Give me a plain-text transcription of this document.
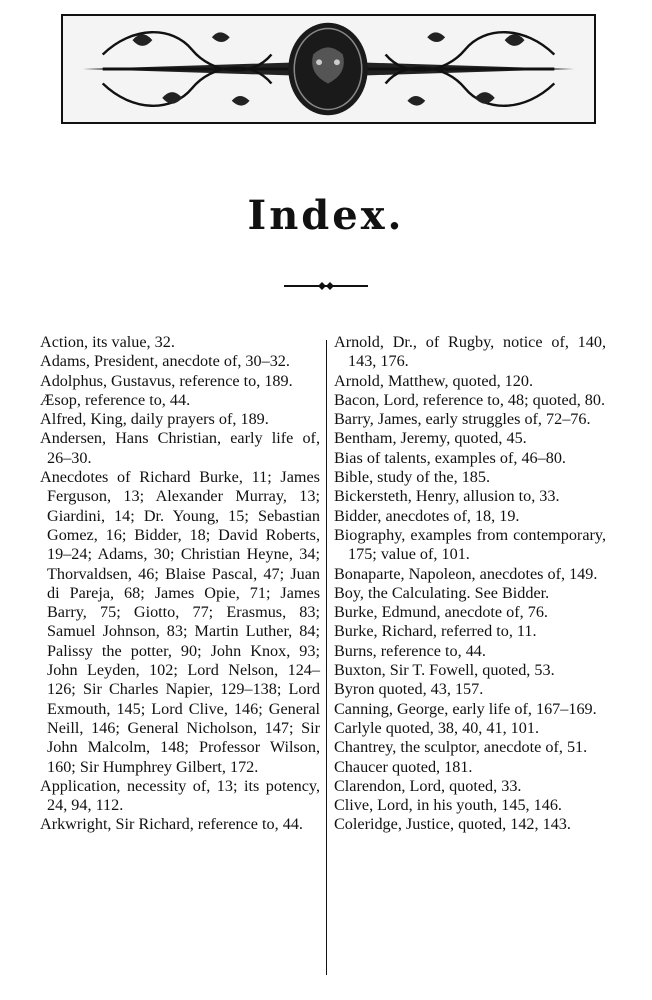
Index.
Action, its value, 32.
Adams, President, anecdote of, 30–32.
Adolphus, Gustavus, reference to, 189.
Æsop, reference to, 44.
Alfred, King, daily prayers of, 189.
Andersen, Hans Christian, early life of, 26–30.
Anecdotes of Richard Burke, 11; James Ferguson, 13; Alexander Murray, 13; Giardini, 14; Dr. Young, 15; Sebastian Gomez, 16; Bidder, 18; David Roberts, 19–24; Adams, 30; Christian Heyne, 34; Thorvaldsen, 46; Blaise Pascal, 47; Juan di Pareja, 68; James Opie, 71; James Barry, 75; Giotto, 77; Erasmus, 83; Samuel Johnson, 83; Martin Luther, 84; Palissy the potter, 90; John Knox, 93; John Leyden, 102; Lord Nelson, 124–126; Sir Charles Napier, 129–138; Lord Exmouth, 145; Lord Clive, 146; General Neill, 146; General Nicholson, 147; Sir John Malcolm, 148; Professor Wilson, 160; Sir Humphrey Gilbert, 172.
Application, necessity of, 13; its potency, 24, 94, 112.
Arkwright, Sir Richard, reference to, 44.
Arnold, Dr., of Rugby, notice of, 140, 143, 176.
Arnold, Matthew, quoted, 120.
Bacon, Lord, reference to, 48; quoted, 80.
Barry, James, early struggles of, 72–76.
Bentham, Jeremy, quoted, 45.
Bias of talents, examples of, 46–80.
Bible, study of the, 185.
Bickersteth, Henry, allusion to, 33.
Bidder, anecdotes of, 18, 19.
Biography, examples from contemporary, 175; value of, 101.
Bonaparte, Napoleon, anecdotes of, 149.
Boy, the Calculating. See Bidder.
Burke, Edmund, anecdote of, 76.
Burke, Richard, referred to, 11.
Burns, reference to, 44.
Buxton, Sir T. Fowell, quoted, 53.
Byron quoted, 43, 157.
Canning, George, early life of, 167–169.
Carlyle quoted, 38, 40, 41, 101.
Chantrey, the sculptor, anecdote of, 51.
Chaucer quoted, 181.
Clarendon, Lord, quoted, 33.
Clive, Lord, in his youth, 145, 146.
Coleridge, Justice, quoted, 142, 143.
